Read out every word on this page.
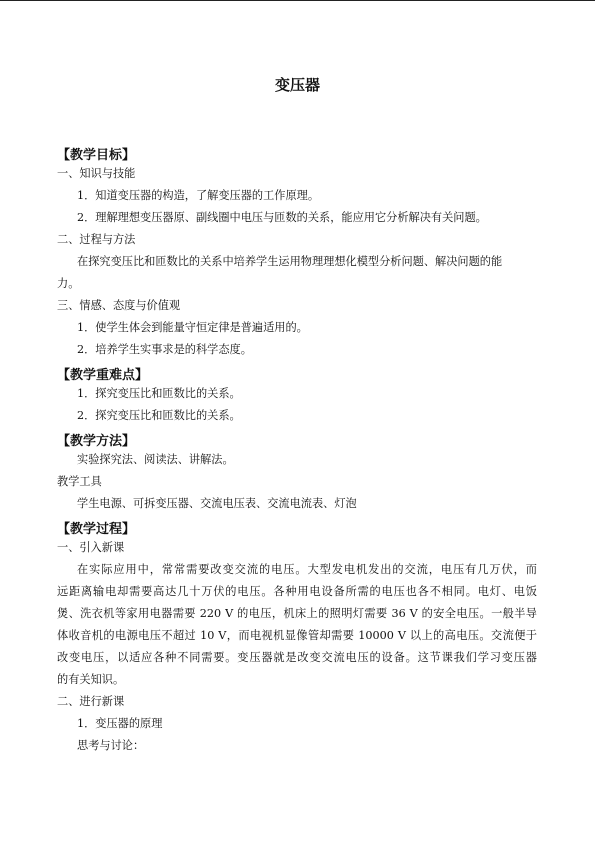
变压器
【教学目标】
一、知识与技能
1．知道变压器的构造，了解变压器的工作原理。
2．理解理想变压器原、副线圈中电压与匝数的关系，能应用它分析解决有关问题。
二、过程与方法
在探究变压比和匝数比的关系中培养学生运用物理理想化模型分析问题、解决问题的能
力。
三、情感、态度与价值观
1．使学生体会到能量守恒定律是普遍适用的。
2．培养学生实事求是的科学态度。
【教学重难点】
1．探究变压比和匝数比的关系。
2．探究变压比和匝数比的关系。
【教学方法】
实验探究法、阅读法、讲解法。
教学工具
学生电源、可拆变压器、交流电压表、交流电流表、灯泡
【教学过程】
一、引入新课
在实际应用中，常常需要改变交流的电压。大型发电机发出的交流，电压有几万伏，而
远距离输电却需要高达几十万伏的电压。各种用电设备所需的电压也各不相同。电灯、电饭
煲、洗衣机等家用电器需要 220 V 的电压，机床上的照明灯需要 36 V 的安全电压。一般半导
体收音机的电源电压不超过 10 V，而电视机显像管却需要 10000 V 以上的高电压。交流便于
改变电压，以适应各种不同需要。变压器就是改变交流电压的设备。这节课我们学习变压器
的有关知识。
二、进行新课
1．变压器的原理
思考与讨论：
